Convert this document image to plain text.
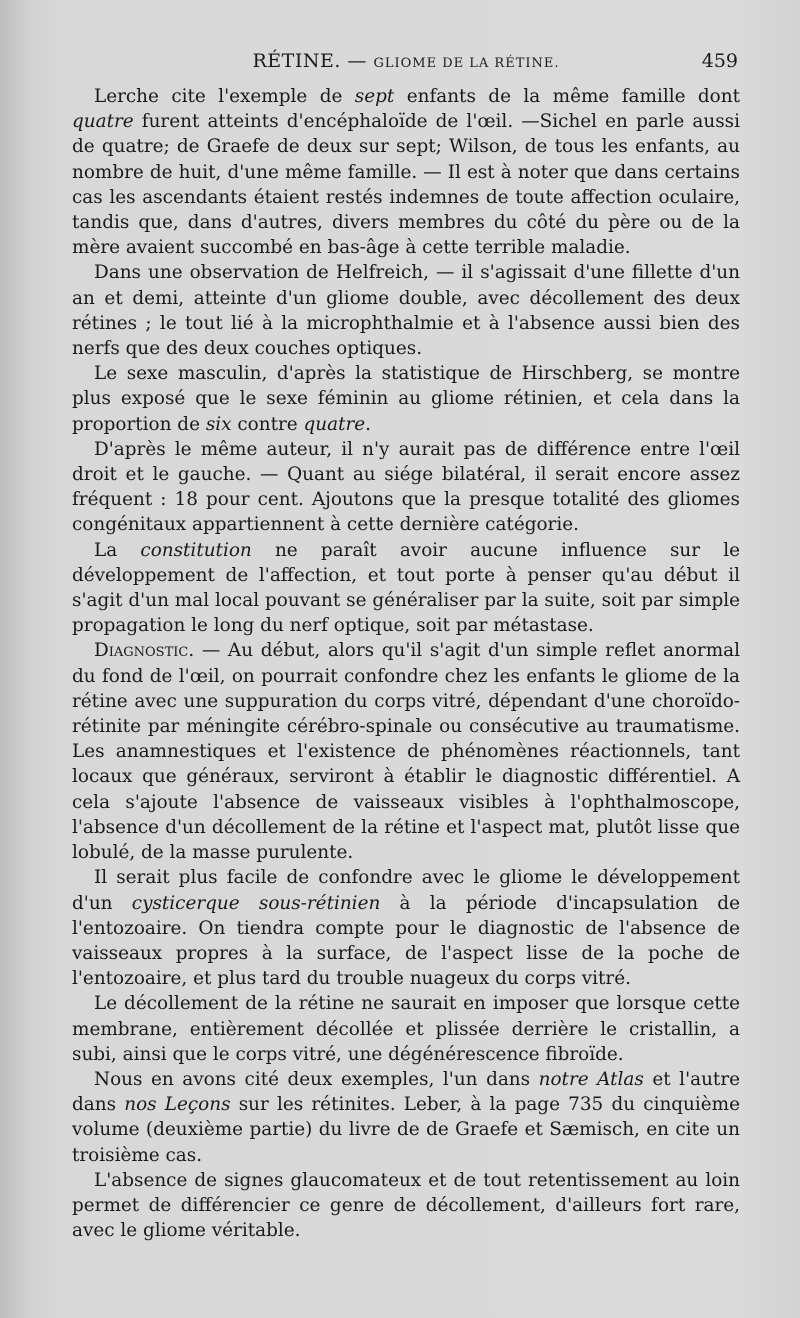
RÉTINE. — GLIOME DE LA RÉTINE.	459

Lerche cite l'exemple de sept enfants de la même famille dont quatre furent atteints d'encéphaloïde de l'œil. —Sichel en parle aussi de quatre; de Graefe de deux sur sept; Wilson, de tous les enfants, au nombre de huit, d'une même famille. — Il est à noter que dans certains cas les ascendants étaient restés indemnes de toute affection oculaire, tandis que, dans d'autres, divers membres du côté du père ou de la mère avaient succombé en bas-âge à cette terrible maladie.

Dans une observation de Helfreich, — il s'agissait d'une fillette d'un an et demi, atteinte d'un gliome double, avec décollement des deux rétines ; le tout lié à la microphthalmie et à l'absence aussi bien des nerfs que des deux couches optiques.

Le sexe masculin, d'après la statistique de Hirschberg, se montre plus exposé que le sexe féminin au gliome rétinien, et cela dans la proportion de six contre quatre.

D'après le même auteur, il n'y aurait pas de différence entre l'œil droit et le gauche. — Quant au siége bilatéral, il serait encore assez fréquent : 18 pour cent. Ajoutons que la presque totalité des gliomes congénitaux appartiennent à cette dernière catégorie.

La constitution ne paraît avoir aucune influence sur le développement de l'affection, et tout porte à penser qu'au début il s'agit d'un mal local pouvant se généraliser par la suite, soit par simple propagation le long du nerf optique, soit par métastase.

Diagnostic. — Au début, alors qu'il s'agit d'un simple reflet anormal du fond de l'œil, on pourrait confondre chez les enfants le gliome de la rétine avec une suppuration du corps vitré, dépendant d'une choroïdo-rétinite par méningite cérébro-spinale ou consécutive au traumatisme. Les anamnestiques et l'existence de phénomènes réactionnels, tant locaux que généraux, serviront à établir le diagnostic différentiel. A cela s'ajoute l'absence de vaisseaux visibles à l'ophthalmoscope, l'absence d'un décollement de la rétine et l'aspect mat, plutôt lisse que lobulé, de la masse purulente.

Il serait plus facile de confondre avec le gliome le développement d'un cysticerque sous-rétinien à la période d'incapsulation de l'entozoaire. On tiendra compte pour le diagnostic de l'absence de vaisseaux propres à la surface, de l'aspect lisse de la poche de l'entozoaire, et plus tard du trouble nuageux du corps vitré.

Le décollement de la rétine ne saurait en imposer que lorsque cette membrane, entièrement décollée et plissée derrière le cristallin, a subi, ainsi que le corps vitré, une dégénérescence fibroïde.

Nous en avons cité deux exemples, l'un dans notre Atlas et l'autre dans nos Leçons sur les rétinites. Leber, à la page 735 du cinquième volume (deuxième partie) du livre de de Graefe et Sæmisch, en cite un troisième cas.

L'absence de signes glaucomateux et de tout retentissement au loin permet de différencier ce genre de décollement, d'ailleurs fort rare, avec le gliome véritable.
